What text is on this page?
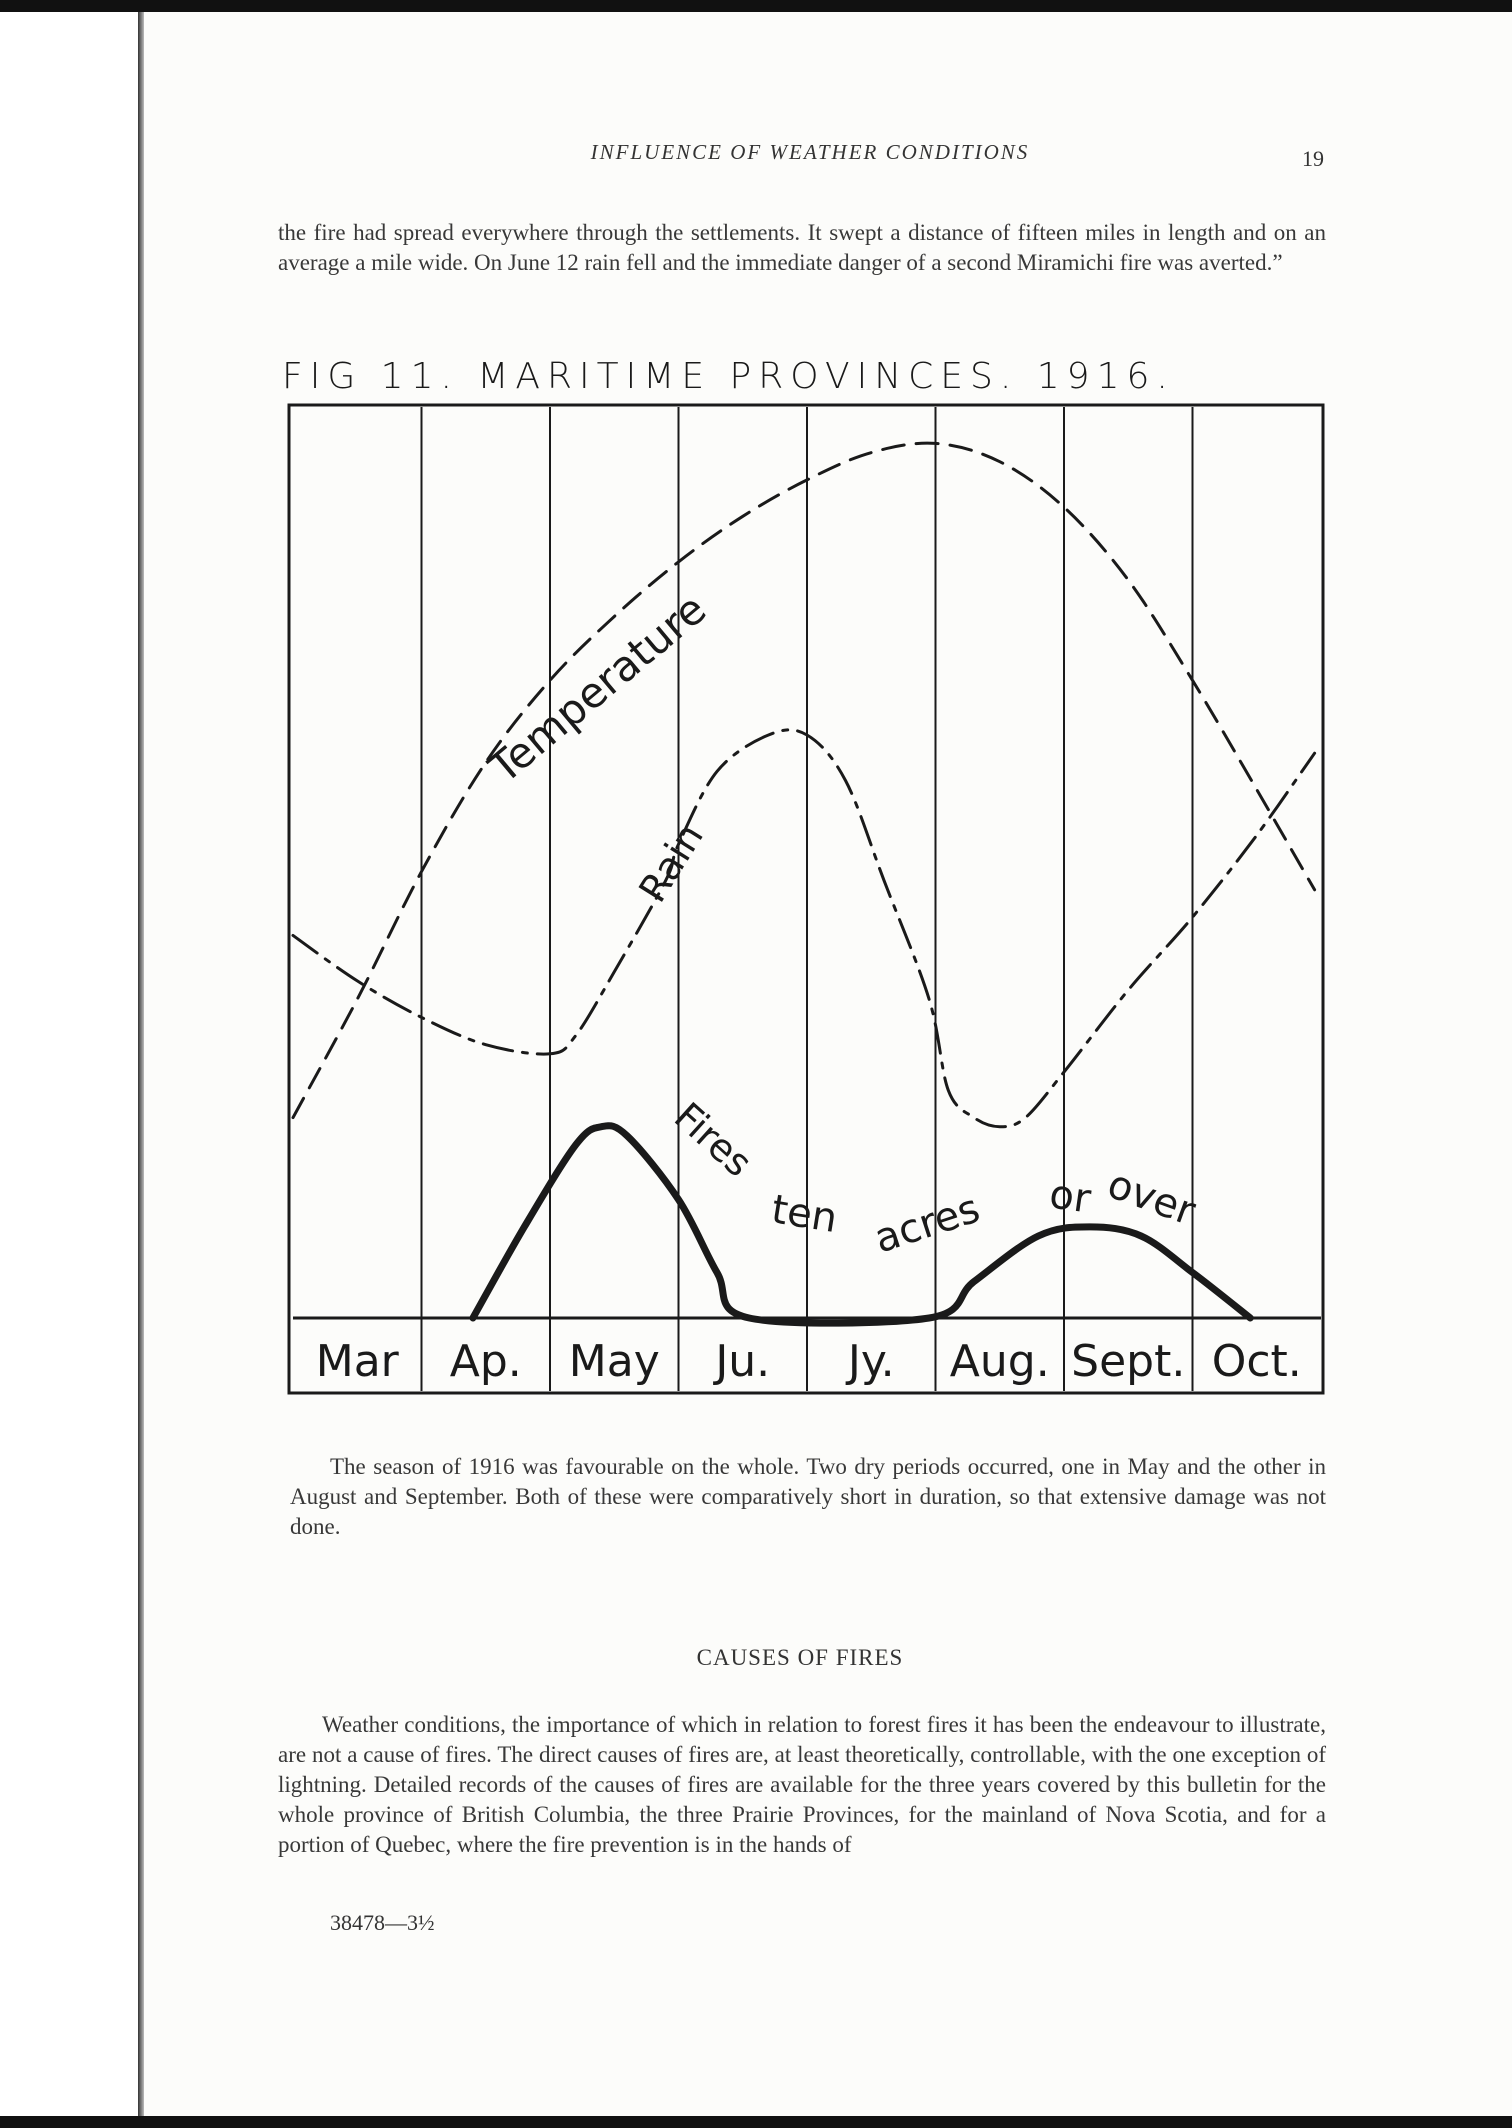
INFLUENCE OF WEATHER CONDITIONS	19
the fire had spread everywhere through the settlements. It swept a distance of fifteen miles in length and on an average a mile wide. On June 12 rain fell and the immediate danger of a second Miramichi fire was averted.”
FIG 11. MARITIME PROVINCES. 1916.
Mar Ap. May Ju. Jy. Aug. Sept. Oct.
Temperature
Rain
Fires
ten acres or over
The season of 1916 was favourable on the whole. Two dry periods occurred, one in May and the other in August and September. Both of these were comparatively short in duration, so that extensive damage was not done.
CAUSES OF FIRES
Weather conditions, the importance of which in relation to forest fires it has been the endeavour to illustrate, are not a cause of fires. The direct causes of fires are, at least theoretically, controllable, with the one exception of lightning. Detailed records of the causes of fires are available for the three years covered by this bulletin for the whole province of British Columbia, the three Prairie Provinces, for the mainland of Nova Scotia, and for a portion of Quebec, where the fire prevention is in the hands of
38478—3½
